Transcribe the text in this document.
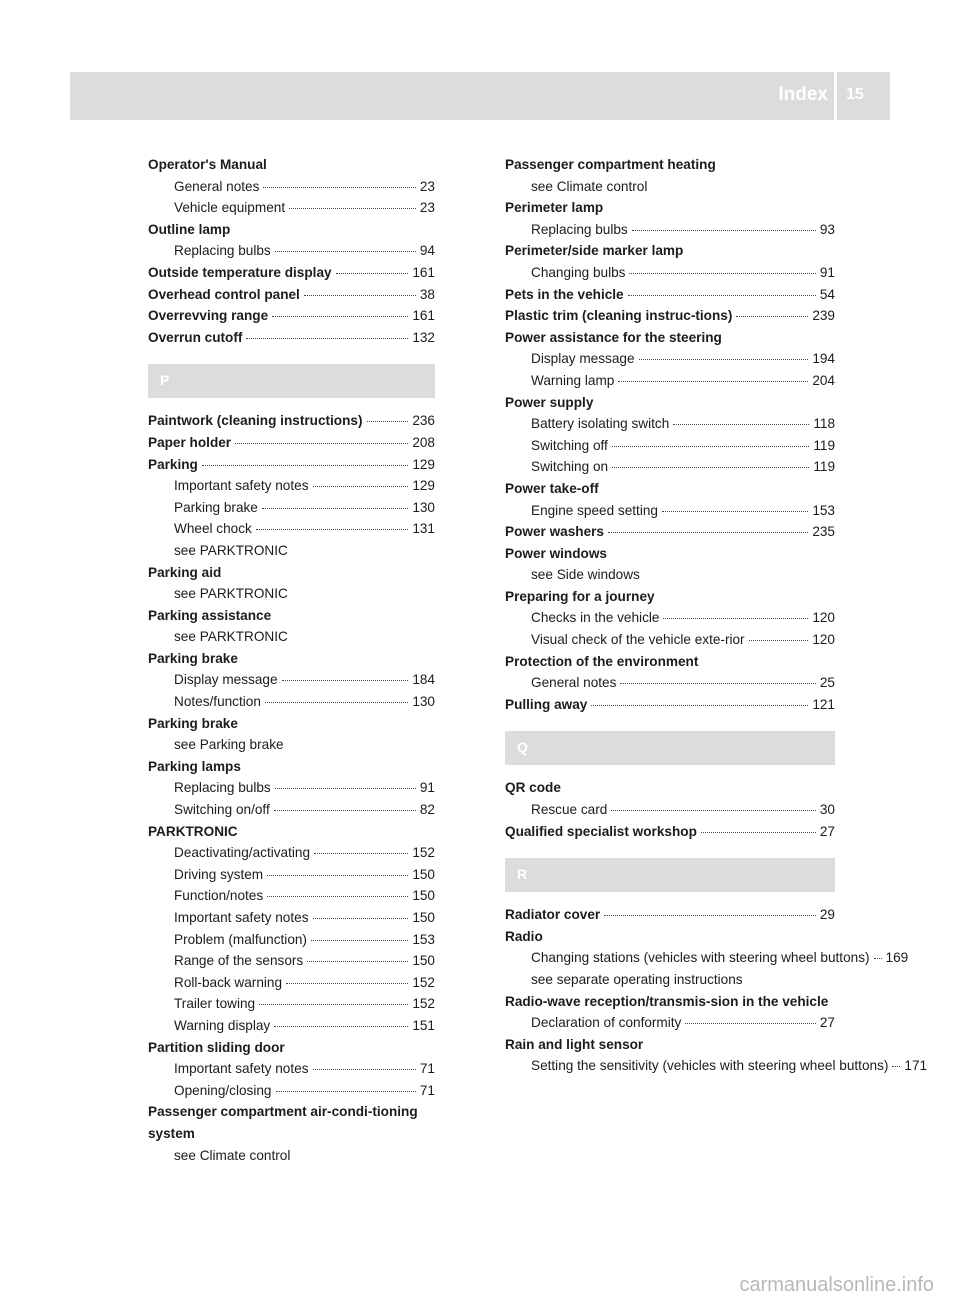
Index 15
Operator's Manual
General notes	23
Vehicle equipment	23
Outline lamp
Replacing bulbs	94
Outside temperature display	161
Overhead control panel	38
Overrevving range	161
Overrun cutoff	132
P
Paintwork (cleaning instructions)	236
Paper holder	208
Parking	129
Important safety notes	129
Parking brake	130
Wheel chock	131
see PARKTRONIC
Parking aid
see PARKTRONIC
Parking assistance
see PARKTRONIC
Parking brake
Display message	184
Notes/function	130
Parking brake
see Parking brake
Parking lamps
Replacing bulbs	91
Switching on/off	82
PARKTRONIC
Deactivating/activating	152
Driving system	150
Function/notes	150
Important safety notes	150
Problem (malfunction)	153
Range of the sensors	150
Roll-back warning	152
Trailer towing	152
Warning display	151
Partition sliding door
Important safety notes	71
Opening/closing	71
Passenger compartment air-condi-tioning system
see Climate control
Passenger compartment heating
see Climate control
Perimeter lamp
Replacing bulbs	93
Perimeter/side marker lamp
Changing bulbs	91
Pets in the vehicle	54
Plastic trim (cleaning instruc-tions)	239
Power assistance for the steering
Display message	194
Warning lamp	204
Power supply
Battery isolating switch	118
Switching off	119
Switching on	119
Power take-off
Engine speed setting	153
Power washers	235
Power windows
see Side windows
Preparing for a journey
Checks in the vehicle	120
Visual check of the vehicle exte-rior	120
Protection of the environment
General notes	25
Pulling away	121
Q
QR code
Rescue card	30
Qualified specialist workshop	27
R
Radiator cover	29
Radio
Changing stations (vehicles with steering wheel buttons) 169
see separate operating instructions
Radio-wave reception/transmis-sion in the vehicle
Declaration of conformity	27
Rain and light sensor
Setting the sensitivity (vehicles with steering wheel buttons) 171
carmanualsonline.info
